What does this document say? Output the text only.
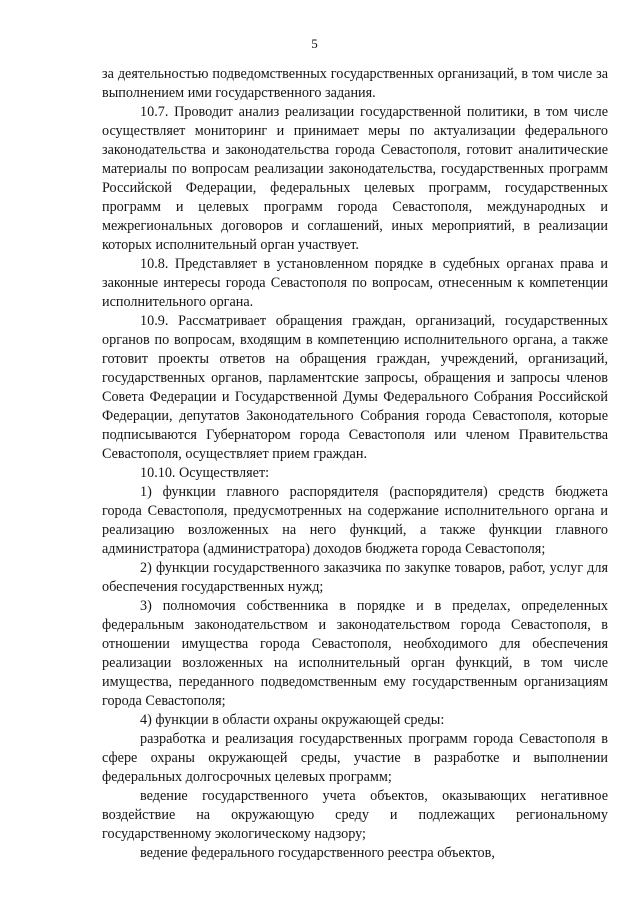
5

за деятельностью подведомственных государственных организаций, в том числе за выполнением ими государственного задания.

10.7. Проводит анализ реализации государственной политики, в том числе осуществляет мониторинг и принимает меры по актуализации федерального законодательства и законодательства города Севастополя, готовит аналитические материалы по вопросам реализации законодательства, государственных программ Российской Федерации, федеральных целевых программ, государственных программ и целевых программ города Севастополя, международных и межрегиональных договоров и соглашений, иных мероприятий, в реализации которых исполнительный орган участвует.

10.8. Представляет в установленном порядке в судебных органах права и законные интересы города Севастополя по вопросам, отнесенным к компетенции исполнительного органа.

10.9. Рассматривает обращения граждан, организаций, государственных органов по вопросам, входящим в компетенцию исполнительного органа, а также готовит проекты ответов на обращения граждан, учреждений, организаций, государственных органов, парламентские запросы, обращения и запросы членов Совета Федерации и Государственной Думы Федерального Собрания Российской Федерации, депутатов Законодательного Собрания города Севастополя, которые подписываются Губернатором города Севастополя или членом Правительства Севастополя, осуществляет прием граждан.

10.10. Осуществляет:

1) функции главного распорядителя (распорядителя) средств бюджета города Севастополя, предусмотренных на содержание исполнительного органа и реализацию возложенных на него функций, а также функции главного администратора (администратора) доходов бюджета города Севастополя;

2) функции государственного заказчика по закупке товаров, работ, услуг для обеспечения государственных нужд;

3) полномочия собственника в порядке и в пределах, определенных федеральным законодательством и законодательством города Севастополя, в отношении имущества города Севастополя, необходимого для обеспечения реализации возложенных на исполнительный орган функций, в том числе имущества, переданного подведомственным ему государственным организациям города Севастополя;

4) функции в области охраны окружающей среды:

разработка и реализация государственных программ города Севастополя в сфере охраны окружающей среды, участие в разработке и выполнении федеральных долгосрочных целевых программ;

ведение государственного учета объектов, оказывающих негативное воздействие на окружающую среду и подлежащих региональному государственному экологическому надзору;

ведение федерального государственного реестра объектов,
